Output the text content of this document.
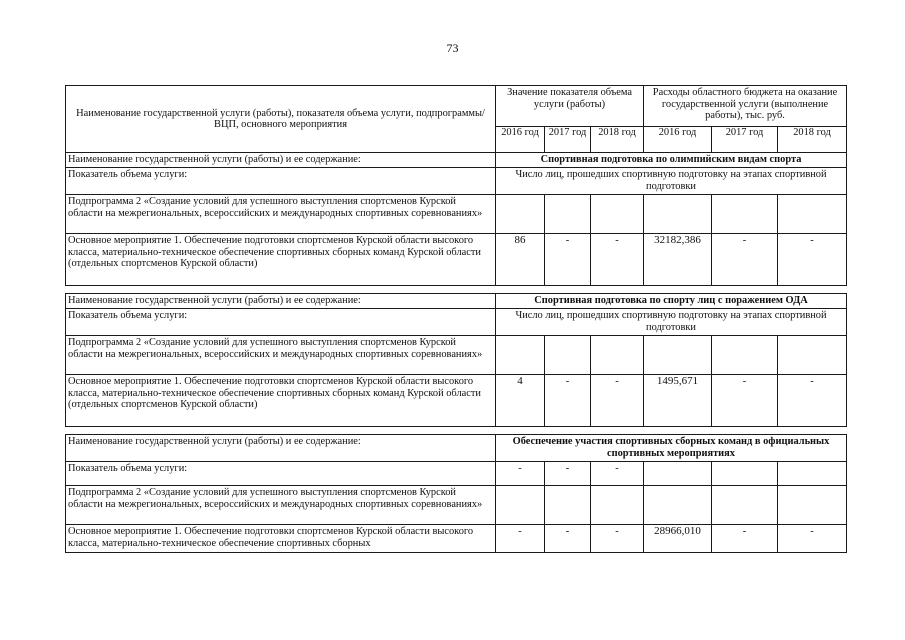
73
Наименование государственной услуги (работы), показателя объема услуги, подпрограммы/ВЦП, основного мероприятия	Значение показателя объема услуги (работы)			Расходы областного бюджета на оказание государственной услуги (выполнение работы), тыс. руб.		
	2016 год	2017 год	2018 год	2016 год	2017 год	2018 год
Наименование государственной услуги (работы) и ее содержание:	Спортивная подготовка по олимпийским видам спорта					
Показатель объема услуги:	Число лиц, прошедших спортивную подготовку на этапах спортивной подготовки					
Подпрограмма 2 «Создание условий для успешного выступления спортсменов Курской области на межрегиональных, всероссийских и международных спортивных соревнованиях»						
Основное мероприятие 1. Обеспечение подготовки спортсменов Курской области высокого класса, материально-техническое обеспечение спортивных сборных команд Курской области (отдельных спортсменов Курской области)	86	-	-	32182,386	-	-

Наименование государственной услуги (работы) и ее содержание:	Спортивная подготовка по спорту лиц с поражением ОДА					
Показатель объема услуги:	Число лиц, прошедших спортивную подготовку на этапах спортивной подготовки					
Подпрограмма 2 «Создание условий для успешного выступления спортсменов Курской области на межрегиональных, всероссийских и международных спортивных соревнованиях»						
Основное мероприятие 1. Обеспечение подготовки спортсменов Курской области высокого класса, материально-техническое обеспечение спортивных сборных команд Курской области (отдельных спортсменов Курской области)	4	-	-	1495,671	-	-

Наименование государственной услуги (работы) и ее содержание:	Обеспечение участия спортивных сборных команд в официальных спортивных мероприятиях					
Показатель объема услуги:	-	-	-			
Подпрограмма 2 «Создание условий для успешного выступления спортсменов Курской области на межрегиональных, всероссийских и международных спортивных соревнованиях»						
Основное мероприятие 1. Обеспечение подготовки спортсменов Курской области высокого класса, материально-техническое обеспечение спортивных сборных	-	-	-	28966,010	-	-
